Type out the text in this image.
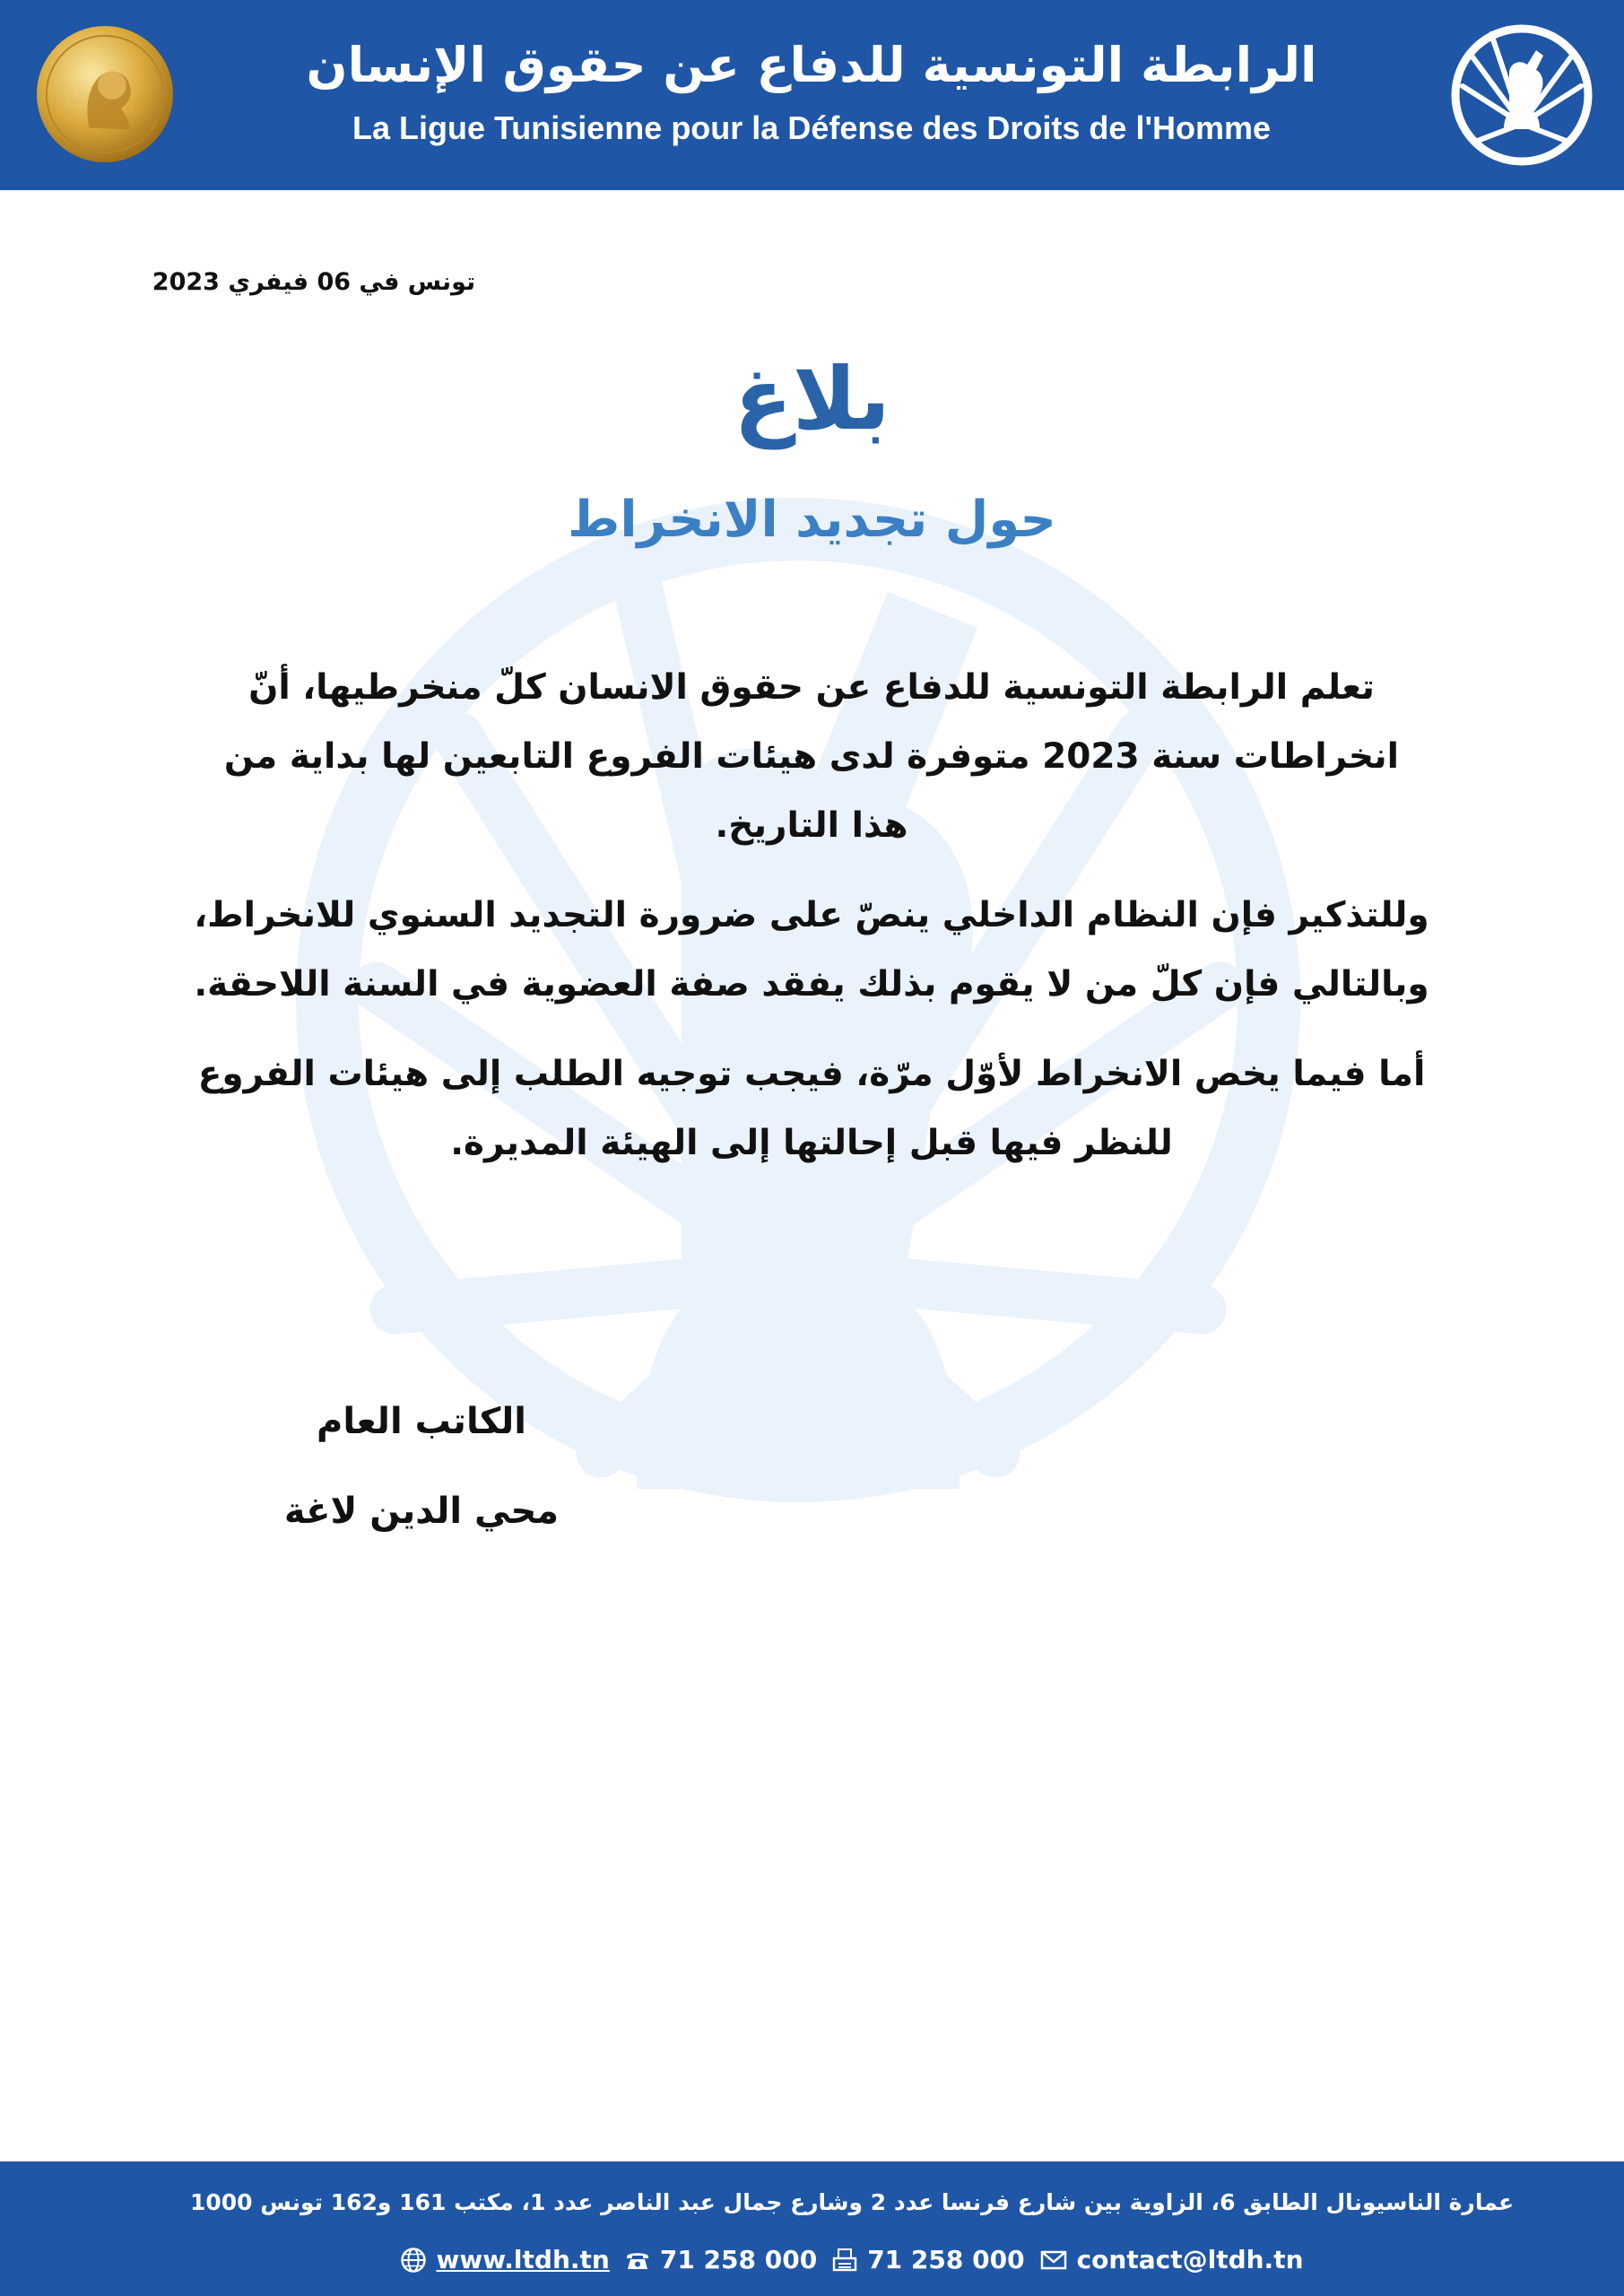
الرابطة التونسية للدفاع عن حقوق الإنسان
La Ligue Tunisienne pour la Défense des Droits de l'Homme
تونس في 06 فيفري 2023
بلاغ
حول تجديد الانخراط

تعلم الرابطة التونسية للدفاع عن حقوق الانسان كلّ منخرطيها، أنّ انخراطات سنة 2023 متوفرة لدى هيئات الفروع التابعين لها بداية من هذا التاريخ.

وللتذكير فإن النظام الداخلي ينصّ على ضرورة التجديد السنوي للانخراط، وبالتالي فإن كلّ من لا يقوم بذلك يفقد صفة العضوية في السنة اللاحقة.

أما فيما يخص الانخراط لأوّل مرّة، فيجب توجيه الطلب إلى هيئات الفروع للنظر فيها قبل إحالتها إلى الهيئة المديرة.

الكاتب العام
محي الدين لاغة
عمارة الناسيونال الطابق 6، الزاوية بين شارع فرنسا عدد 2 وشارع جمال عبد الناصر عدد 1، مكتب 161 و162 تونس 1000
www.ltdh.tn 71 258 000 71 258 000 contact@ltdh.tn
